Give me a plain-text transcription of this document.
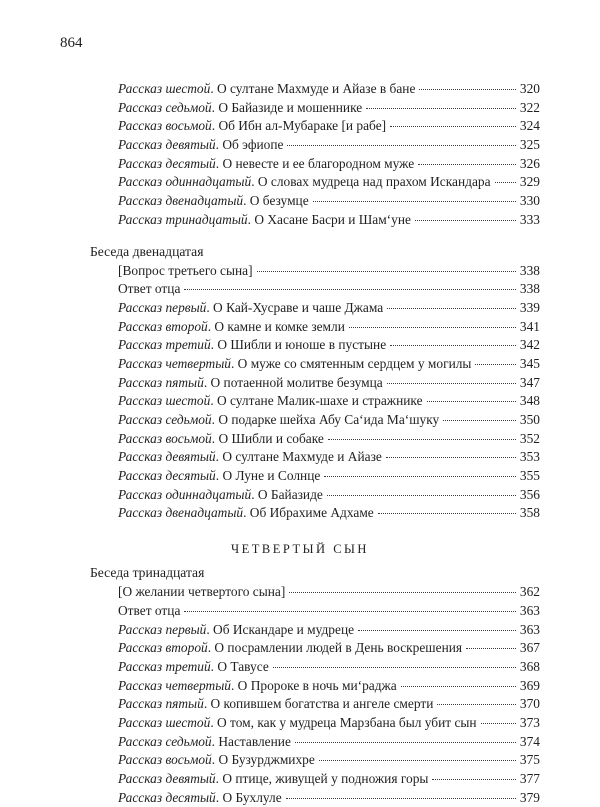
864
Рассказ шестой. О султане Махмуде и Айазе в бане	320
Рассказ седьмой. О Байазиде и мошеннике	322
Рассказ восьмой. Об Ибн ал-Мубараке [и рабе]	324
Рассказ девятый. Об эфиопе	325
Рассказ десятый. О невесте и ее благородном муже	326
Рассказ одиннадцатый. О словах мудреца над прахом Искандара 329
Рассказ двенадцатый. О безумце	330
Рассказ тринадцатый. О Хасане Басри и Шам‘уне	333
Беседа двенадцатая
[Вопрос третьего сына]	338
Ответ отца	338
Рассказ первый. О Кай-Хусраве и чаше Джама	339
Рассказ второй. О камне и комке земли	341
Рассказ третий. О Шибли и юноше в пустыне	342
Рассказ четвертый. О муже со смятенным сердцем у могилы	345
Рассказ пятый. О потаенной молитве безумца	347
Рассказ шестой. О султане Малик-шахе и стражнике	348
Рассказ седьмой. О подарке шейха Абу Са‘ида Ма‘шуку	350
Рассказ восьмой. О Шибли и собаке	352
Рассказ девятый. О султане Махмуде и Айазе	353
Рассказ десятый. О Луне и Солнце	355
Рассказ одиннадцатый. О Байазиде	356
Рассказ двенадцатый. Об Ибрахиме Адхаме	358
ЧЕТВЕРТЫЙ СЫН
Беседа тринадцатая
[О желании четвертого сына]	362
Ответ отца	363
Рассказ первый. Об Искандаре и мудреце	363
Рассказ второй. О посрамлении людей в День воскрешения	367
Рассказ третий. О Тавусе	368
Рассказ четвертый. О Пророке в ночь ми‘раджа	369
Рассказ пятый. О копившем богатства и ангеле смерти	370
Рассказ шестой. О том, как у мудреца Марзбана был убит сын	373
Рассказ седьмой. Наставление	374
Рассказ восьмой. О Бузурджмихре	375
Рассказ девятый. О птице, живущей у подножия горы	377
Рассказ десятый. О Бухлуле	379
